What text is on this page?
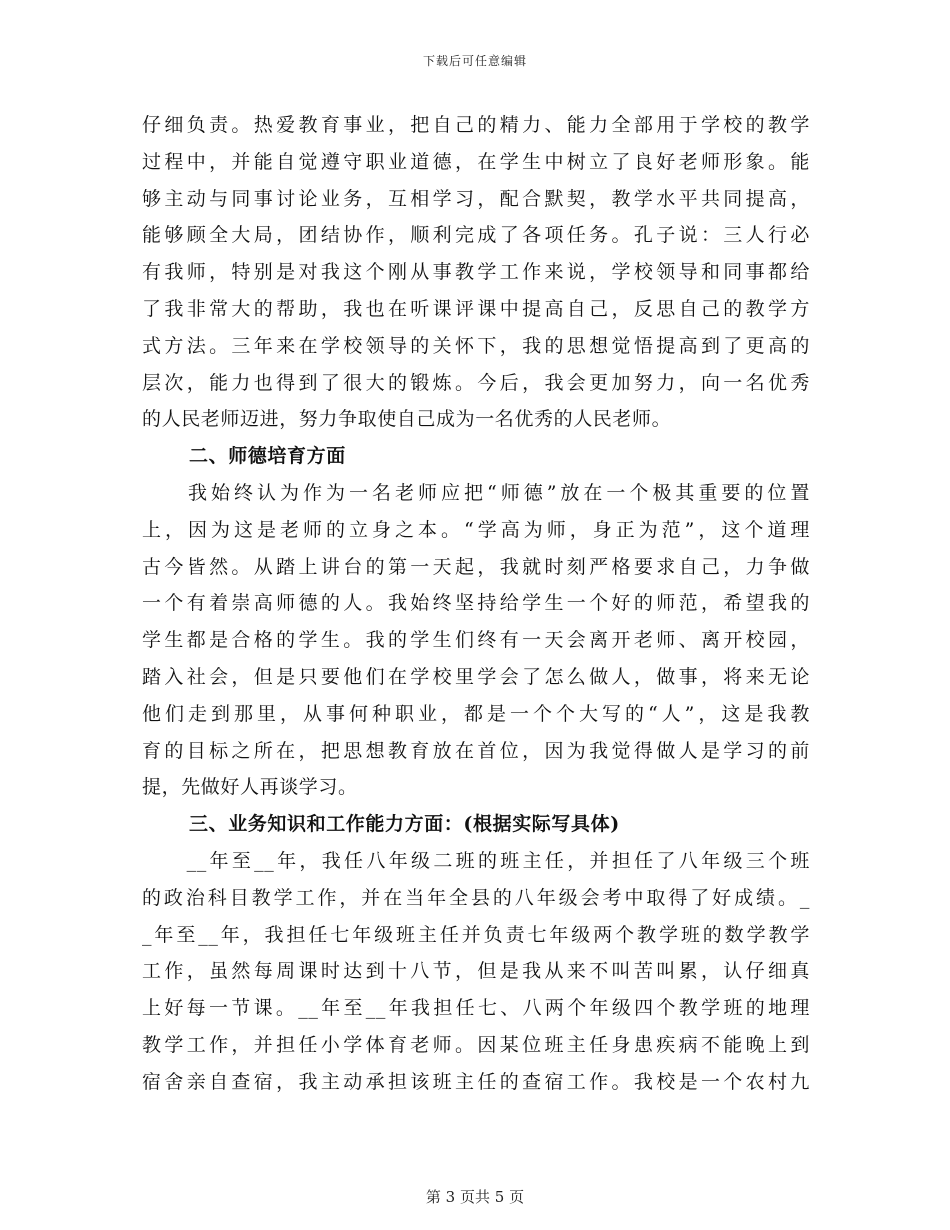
下载后可任意编辑
仔细负责。热爱教育事业，把自己的精力、能力全部用于学校的教学
过程中，并能自觉遵守职业道德，在学生中树立了良好老师形象。能
够主动与同事讨论业务，互相学习，配合默契，教学水平共同提高，
能够顾全大局，团结协作，顺利完成了各项任务。孔子说：三人行必
有我师，特别是对我这个刚从事教学工作来说，学校领导和同事都给
了我非常大的帮助，我也在听课评课中提高自己，反思自己的教学方
式方法。三年来在学校领导的关怀下，我的思想觉悟提高到了更高的
层次，能力也得到了很大的锻炼。今后，我会更加努力，向一名优秀
的人民老师迈进，努力争取使自己成为一名优秀的人民老师。
二、师德培育方面
　　我始终认为作为一名老师应把“师德”放在一个极其重要的位置
上，因为这是老师的立身之本。“学高为师，身正为范”，这个道理
古今皆然。从踏上讲台的第一天起，我就时刻严格要求自己，力争做
一个有着崇高师德的人。我始终坚持给学生一个好的师范，希望我的
学生都是合格的学生。我的学生们终有一天会离开老师、离开校园，
踏入社会，但是只要他们在学校里学会了怎么做人，做事，将来无论
他们走到那里，从事何种职业，都是一个个大写的“人”，这是我教
育的目标之所在，把思想教育放在首位，因为我觉得做人是学习的前
提，先做好人再谈学习。
三、业务知识和工作能力方面：(根据实际写具体)
　　__年至__年，我任八年级二班的班主任，并担任了八年级三个班
的政治科目教学工作，并在当年全县的八年级会考中取得了好成绩。_
_年至__年，我担任七年级班主任并负责七年级两个教学班的数学教学
工作，虽然每周课时达到十八节，但是我从来不叫苦叫累，认仔细真
上好每一节课。__年至__年我担任七、八两个年级四个教学班的地理
教学工作，并担任小学体育老师。因某位班主任身患疾病不能晚上到
宿舍亲自查宿，我主动承担该班主任的查宿工作。我校是一个农村九
第 3 页共 5 页
